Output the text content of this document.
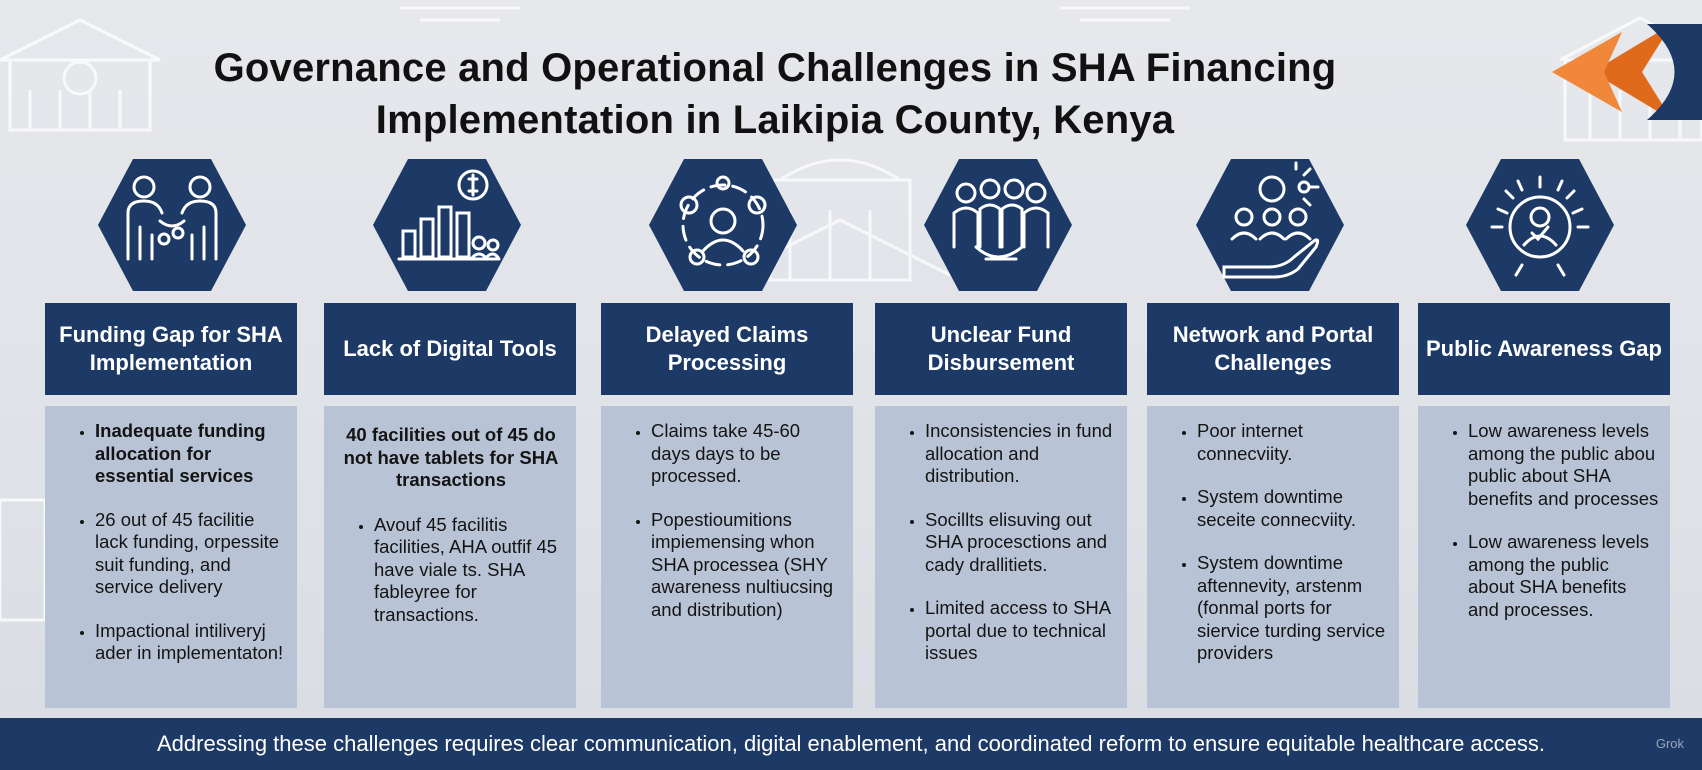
Governance and Operational Challenges in SHA Financing
Implementation in Laikipia County, Kenya
Funding Gap for SHA Implementation
• Inadequate funding allocation for essential services
• 26 out of 45 facilitie lack funding, orpessite suit funding, and service delivery
• Impactional intiliveryj ader in implementaton!
Lack of Digital Tools
40 facilities out of 45 do not have tablets for SHA transactions
• Avouf 45 facilitis facilities, AHA outfif 45 have viale ts. SHA fableyree for transactions.
Delayed Claims Processing
• Claims take 45-60 days days to be processed.
• Popestioumitions impiemensing whon SHA processea (SHY awareness nultiucsing and distribution)
Unclear Fund Disbursement
• Inconsistencies in fund allocation and distribution.
• Socillts elisuving out SHA procesctions and cady drallitiets.
• Limited access to SHA portal due to technical issues
Network and Portal Challenges
• Poor internet connecviity.
• System downtime seceite connecviity.
• System downtime aftennevity, arstenm (fonmal ports for siervice turding service providers
Public Awareness Gap
• Low awareness levels among the public abou public about SHA benefits and processes
• Low awareness levels among the public about SHA benefits and processes.
Addressing these challenges requires clear communication, digital enablement, and coordinated reform to ensure equitable healthcare access.	Grok
